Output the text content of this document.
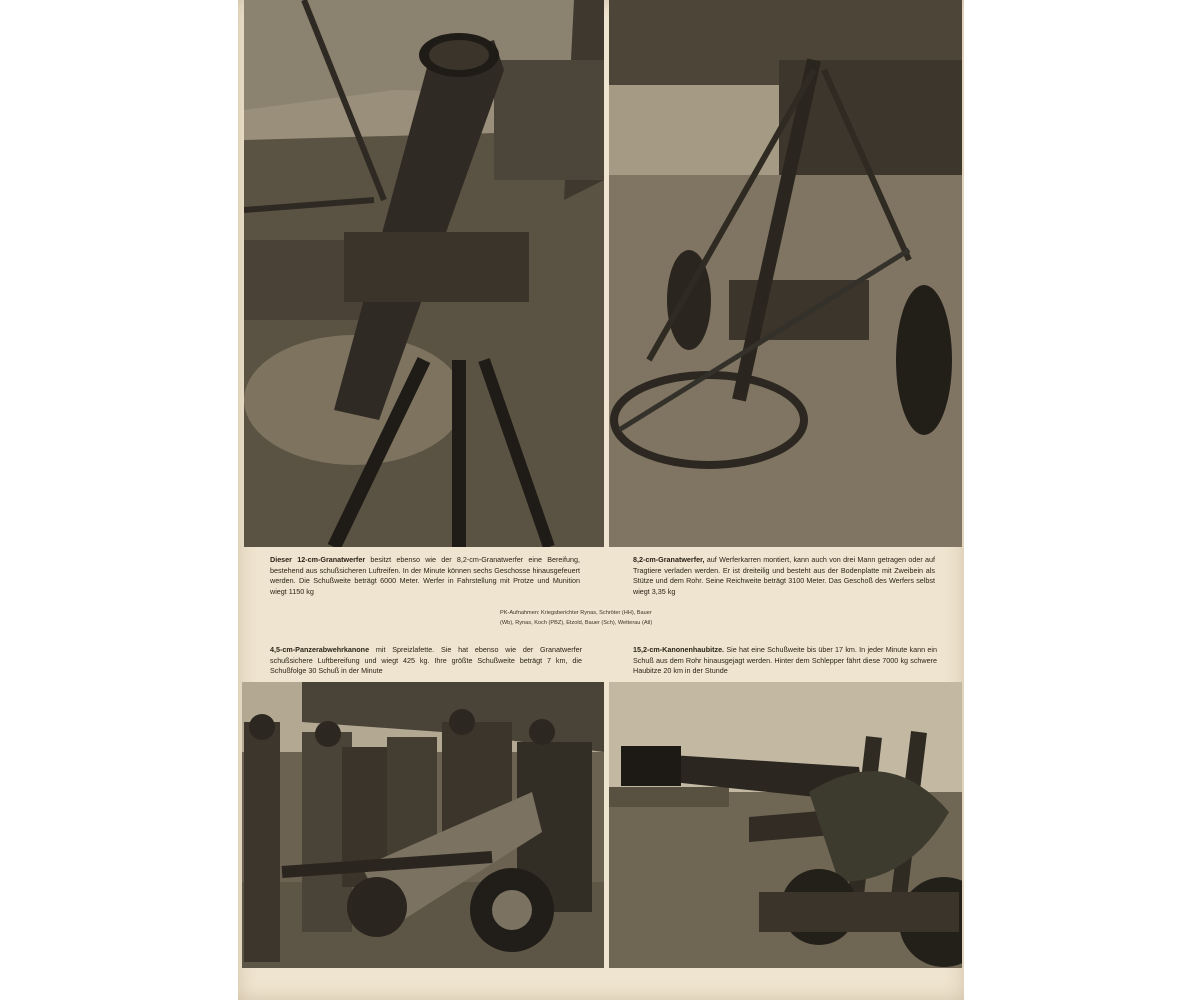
Dieser 12-cm-Granatwerfer besitzt ebenso wie der 8,2-cm-Granatwerfer eine Bereifung, bestehend aus schußsicheren Luftreifen. In der Minute können sechs Geschosse hinausgefeuert werden. Die Schußweite beträgt 6000 Meter. Werfer in Fahrstellung mit Protze und Munition wiegt 1150 kg

8,2-cm-Granatwerfer, auf Werferkarren montiert, kann auch von drei Mann getragen oder auf Tragtiere verladen werden. Er ist dreiteilig und besteht aus der Bodenplatte mit Zweibein als Stütze und dem Rohr. Seine Reichweite beträgt 3100 Meter. Das Geschoß des Werfers selbst wiegt 3,35 kg

PK-Aufnahmen: Kriegsberichter Rynas, Schröter (HH), Bauer
(Wb), Rynas, Koch (PBZ), Etzold, Bauer (Sch), Wetterau (Atl)

4,5-cm-Panzerabwehrkanone mit Spreizlafette. Sie hat ebenso wie der Granatwerfer schußsichere Luftbereifung und wiegt 425 kg. Ihre größte Schußweite beträgt 7 km, die Schußfolge 30 Schuß in der Minute

15,2-cm-Kanonenhaubitze. Sie hat eine Schußweite bis über 17 km. In jeder Minute kann ein Schuß aus dem Rohr hinausgejagt werden. Hinter dem Schlepper fährt diese 7000 kg schwere Haubitze 20 km in der Stunde
